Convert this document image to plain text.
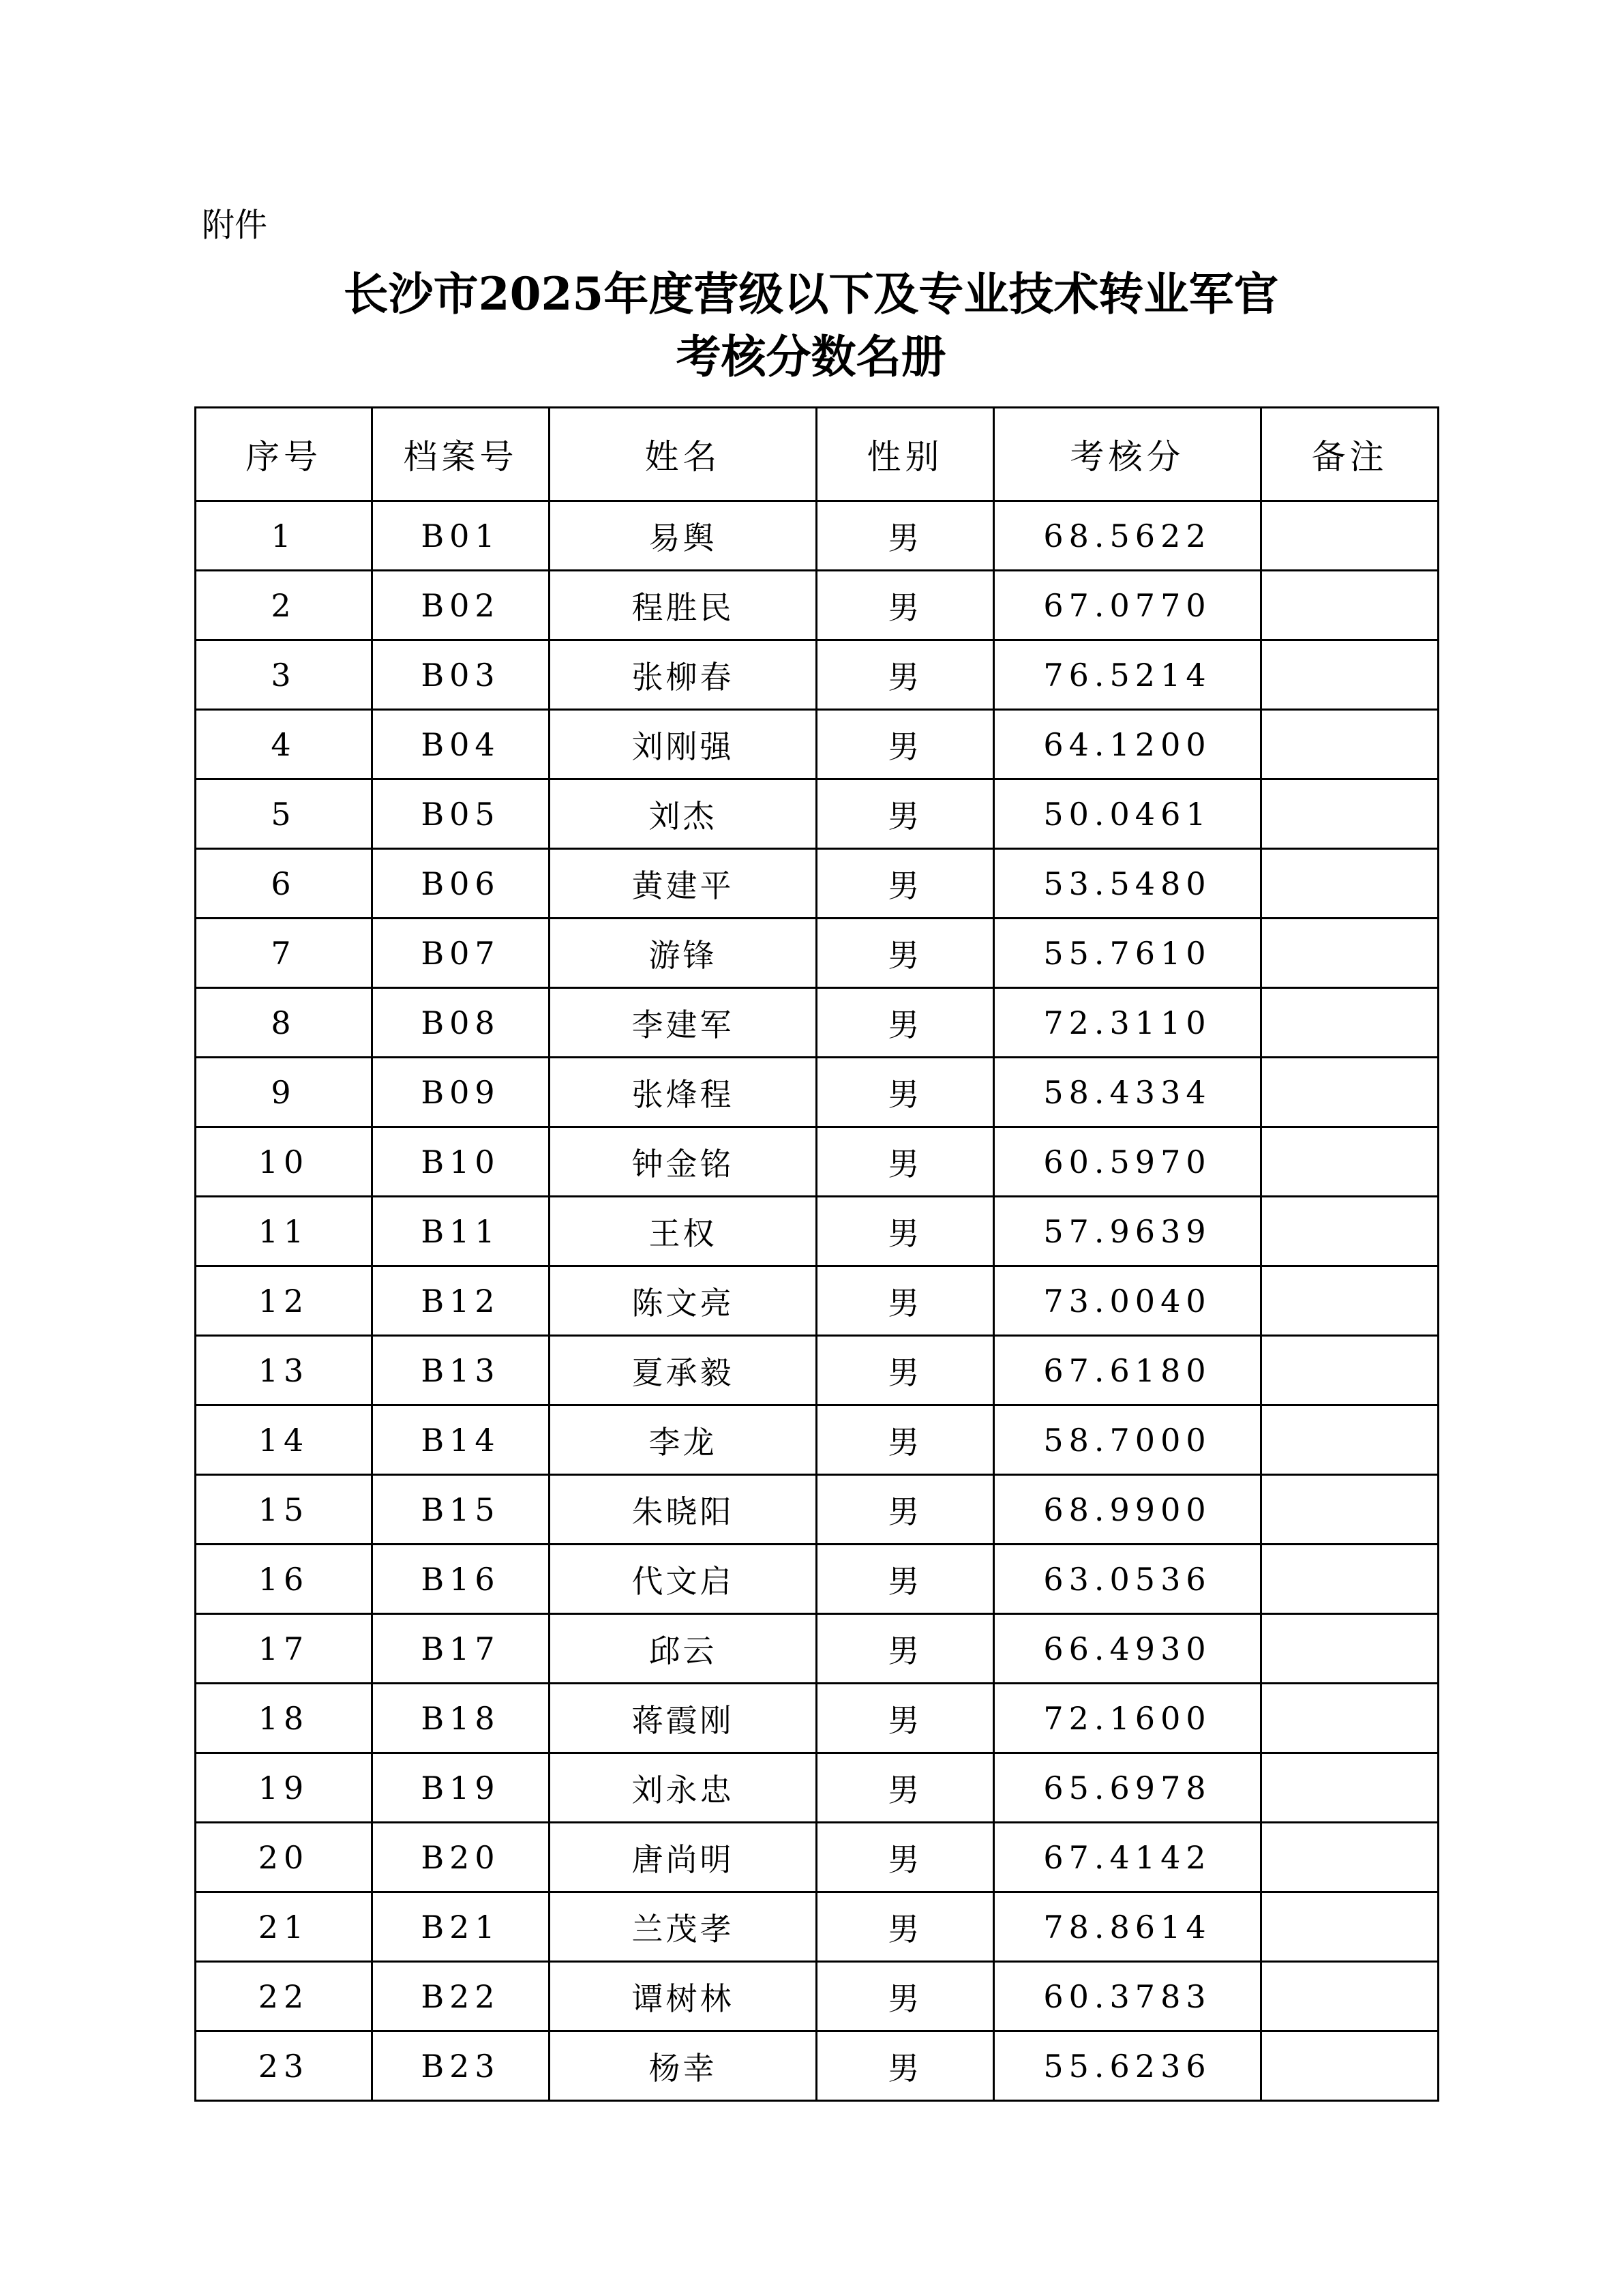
附件
长沙市2025年度营级以下及专业技术转业军官
考核分数名册
序号	档案号	姓名	性别	考核分	备注
1	B01	易舆	男	68.5622	
2	B02	程胜民	男	67.0770	
3	B03	张柳春	男	76.5214	
4	B04	刘刚强	男	64.1200	
5	B05	刘杰	男	50.0461	
6	B06	黄建平	男	53.5480	
7	B07	游锋	男	55.7610	
8	B08	李建军	男	72.3110	
9	B09	张烽程	男	58.4334	
10	B10	钟金铭	男	60.5970	
11	B11	王权	男	57.9639	
12	B12	陈文亮	男	73.0040	
13	B13	夏承毅	男	67.6180	
14	B14	李龙	男	58.7000	
15	B15	朱晓阳	男	68.9900	
16	B16	代文启	男	63.0536	
17	B17	邱云	男	66.4930	
18	B18	蒋霞刚	男	72.1600	
19	B19	刘永忠	男	65.6978	
20	B20	唐尚明	男	67.4142	
21	B21	兰茂孝	男	78.8614	
22	B22	谭树林	男	60.3783	
23	B23	杨幸	男	55.6236	
